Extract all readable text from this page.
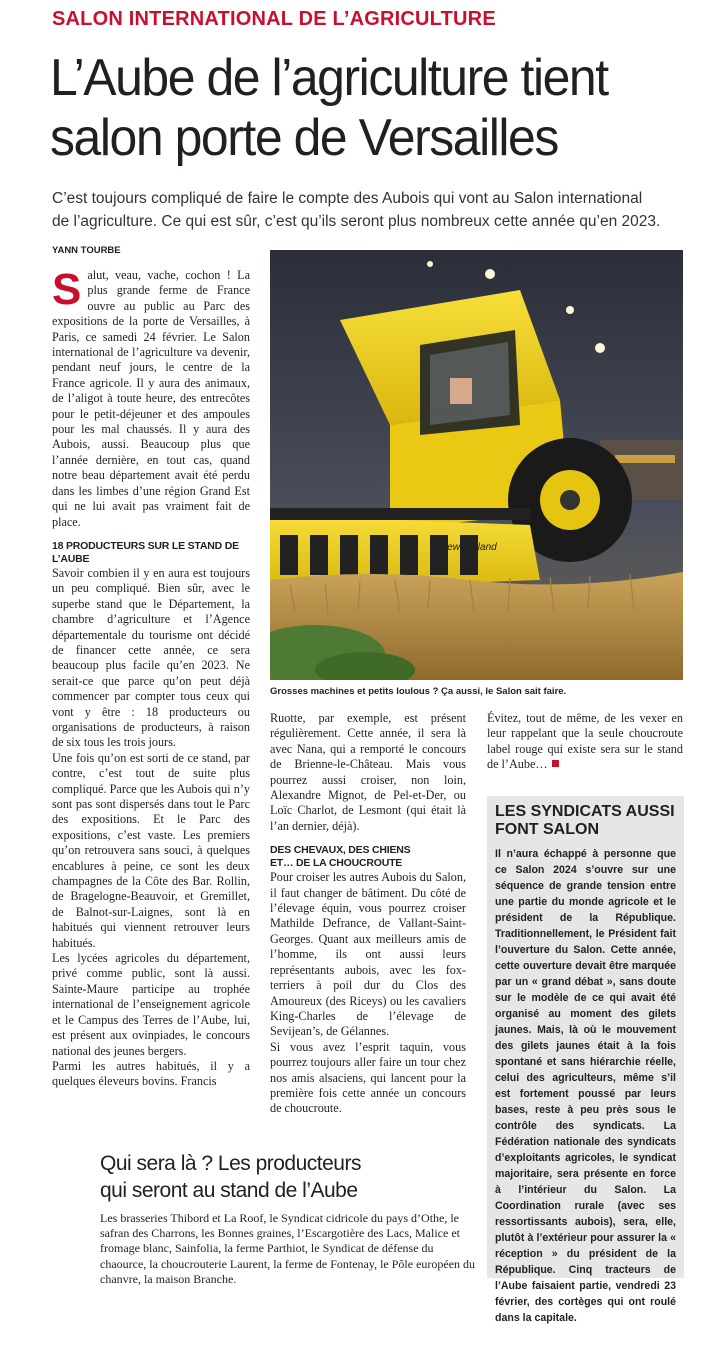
SALON INTERNATIONAL DE L’AGRICULTURE
L’Aube de l’agriculture tient
salon porte de Versailles
C’est toujours compliqué de faire le compte des Aubois qui vont au Salon international
de l’agriculture. Ce qui est sûr, c’est qu’ils seront plus nombreux cette année qu’en 2023.
YANN TOURBE

Salut, veau, vache, cochon ! La plus grande ferme de France ouvre au public au Parc des expositions de la porte de Versailles, à Paris, ce samedi 24 février. Le Salon international de l’agriculture va devenir, pendant neuf jours, le centre de la France agricole. Il y aura des animaux, de l’aligot à toute heure, des entrecôtes pour le petit-déjeuner et des ampoules pour les mal chaussés. Il y aura des Aubois, aussi. Beaucoup plus que l’année dernière, en tout cas, quand notre beau département avait été perdu dans les limbes d’une région Grand Est qui ne lui avait pas vraiment fait de place.

18 PRODUCTEURS SUR LE STAND DE L’AUBE

Savoir combien il y en aura est toujours un peu compliqué. Bien sûr, avec le superbe stand que le Département, la chambre d’agriculture et l’Agence départementale du tourisme ont décidé de financer cette année, ce sera beaucoup plus facile qu’en 2023. Ne serait-ce que parce qu’on peut déjà commencer par compter tous ceux qui vont y être : 18 producteurs ou organisations de producteurs, à raison de six tous les trois jours.

Une fois qu’on est sorti de ce stand, par contre, c’est tout de suite plus compliqué. Parce que les Aubois qui n’y sont pas sont dispersés dans tout le Parc des expositions. Et le Parc des expositions, c’est vaste. Les premiers qu’on retrouvera sans souci, à quelques encablures à peine, ce sont les deux champagnes de la Côte des Bar. Rollin, de Bragelogne-Beauvoir, et Gremillet, de Balnot-sur-Laignes, sont là en habitués qui viennent retrouver leurs habitués.

Les lycées agricoles du département, privé comme public, sont là aussi. Sainte-Maure participe au trophée international de l’enseignement agricole et le Campus des Terres de l’Aube, lui, est présent aux ovinpiades, le concours national des jeunes bergers.

Parmi les autres habitués, il y a quelques éleveurs bovins. Francis

New Holland
Grosses machines et petits loulous ? Ça aussi, le Salon sait faire.

Ruotte, par exemple, est présent régulièrement. Cette année, il sera là avec Nana, qui a remporté le concours de Brienne-le-Château. Mais vous pourrez aussi croiser, non loin, Alexandre Mignot, de Pel-et-Der, ou Loïc Charlot, de Lesmont (qui était là l’an dernier, déjà).

DES CHEVAUX, DES CHIENS
ET… DE LA CHOUCROUTE

Pour croiser les autres Aubois du Salon, il faut changer de bâtiment. Du côté de l’élevage équin, vous pourrez croiser Mathilde Defrance, de Vallant-Saint-Georges. Quant aux meilleurs amis de l’homme, ils ont aussi leurs représentants aubois, avec les fox-terriers à poil dur du Clos des Amoureux (des Riceys) ou les cavaliers King-Charles de l’élevage de Sevijean’s, de Gélannes.

Si vous avez l’esprit taquin, vous pourrez toujours aller faire un tour chez nos amis alsaciens, qui lancent pour la première fois cette année un concours de choucroute.

Évitez, tout de même, de les vexer en leur rappelant que la seule choucroute label rouge qui existe sera sur le stand de l’Aube…

LES SYNDICATS AUSSI
FONT SALON
Il n’aura échappé à personne que ce Salon 2024 s’ouvre sur une séquence de grande tension entre une partie du monde agricole et le président de la République. Traditionnellement, le Président fait l’ouverture du Salon. Cette année, cette ouverture devait être marquée par un « grand débat », sans doute sur le modèle de ce qui avait été organisé au moment des gilets jaunes. Mais, là où le mouvement des gilets jaunes était à la fois spontané et sans hiérarchie réelle, celui des agriculteurs, même s’il est fortement poussé par leurs bases, reste à peu près sous le contrôle des syndicats. La Fédération nationale des syndicats d’exploitants agricoles, le syndicat majoritaire, sera présente en force à l’intérieur du Salon. La Coordination rurale (avec ses ressortissants aubois), sera, elle, plutôt à l’extérieur pour assurer la « réception » du président de la République. Cinq tracteurs de l’Aube faisaient partie, vendredi 23 février, des cortèges qui ont roulé dans la capitale.
Qui sera là ? Les producteurs
qui seront au stand de l’Aube
Les brasseries Thibord et La Roof, le Syndicat cidricole du pays d’Othe, le safran des Charrons, les Bonnes graines, l’Escargotière des Lacs, Malice et fromage blanc, Sainfolia, la ferme Parthiot, le Syndicat de défense du chaource, la choucrouterie Laurent, la ferme de Fontenay, le Pôle européen du chanvre, la maison Branche.
